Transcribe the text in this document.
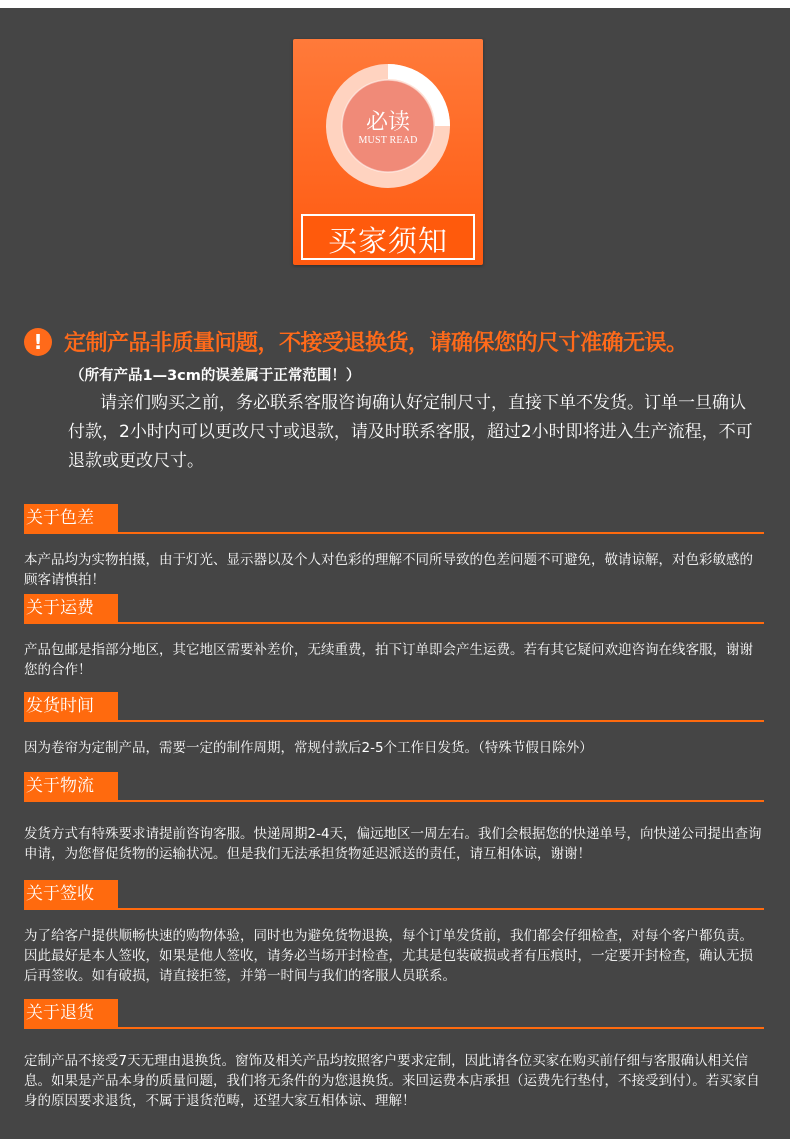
必读
MUST READ
买家须知
! 定制产品非质量问题，不接受退换货，请确保您的尺寸准确无误。
（所有产品1—3cm的误差属于正常范围！）
请亲们购买之前，务必联系客服咨询确认好定制尺寸，直接下单不发货。订单一旦确认付款，2小时内可以更改尺寸或退款，请及时联系客服，超过2小时即将进入生产流程，不可退款或更改尺寸。
关于色差
本产品均为实物拍摄，由于灯光、显示器以及个人对色彩的理解不同所导致的色差问题不可避免，敬请谅解，对色彩敏感的顾客请慎拍！
关于运费
产品包邮是指部分地区，其它地区需要补差价，无续重费，拍下订单即会产生运费。若有其它疑问欢迎咨询在线客服，谢谢您的合作！
发货时间
因为卷帘为定制产品，需要一定的制作周期，常规付款后2-5个工作日发货。（特殊节假日除外）
关于物流
发货方式有特殊要求请提前咨询客服。快递周期2-4天，偏远地区一周左右。我们会根据您的快递单号，向快递公司提出查询申请，为您督促货物的运输状况。但是我们无法承担货物延迟派送的责任，请互相体谅，谢谢！
关于签收
为了给客户提供顺畅快速的购物体验，同时也为避免货物退换，每个订单发货前，我们都会仔细检查，对每个客户都负责。因此最好是本人签收，如果是他人签收，请务必当场开封检查，尤其是包装破损或者有压痕时，一定要开封检查，确认无损后再签收。如有破损，请直接拒签，并第一时间与我们的客服人员联系。
关于退货
定制产品不接受7天无理由退换货。窗饰及相关产品均按照客户要求定制，因此请各位买家在购买前仔细与客服确认相关信息。如果是产品本身的质量问题，我们将无条件的为您退换货。来回运费本店承担（运费先行垫付，不接受到付）。若买家自身的原因要求退货，不属于退货范畴，还望大家互相体谅、理解！
